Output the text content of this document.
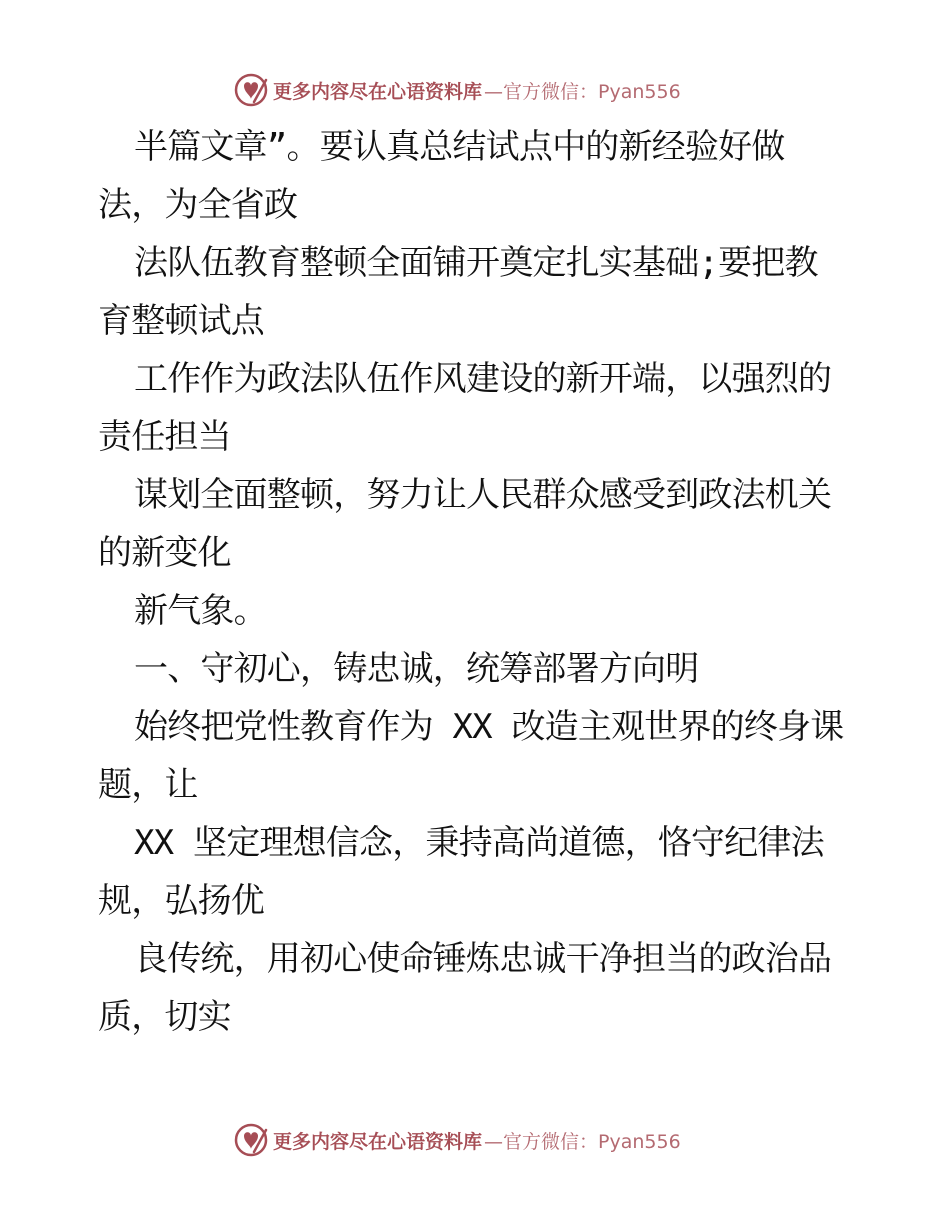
更多内容尽在心语资料库 —官方微信：Pyan556
半篇文章”。要认真总结试点中的新经验好做
法，为全省政
法队伍教育整顿全面铺开奠定扎实基础;要把教
育整顿试点
工作作为政法队伍作风建设的新开端，以强烈的
责任担当
谋划全面整顿，努力让人民群众感受到政法机关
的新变化
新气象。
一、守初心，铸忠诚，统筹部署方向明
始终把党性教育作为 XX 改造主观世界的终身课
题，让
XX 坚定理想信念，秉持高尚道德，恪守纪律法
规，弘扬优
良传统，用初心使命锤炼忠诚干净担当的政治品
质，切实
更多内容尽在心语资料库 —官方微信：Pyan556
